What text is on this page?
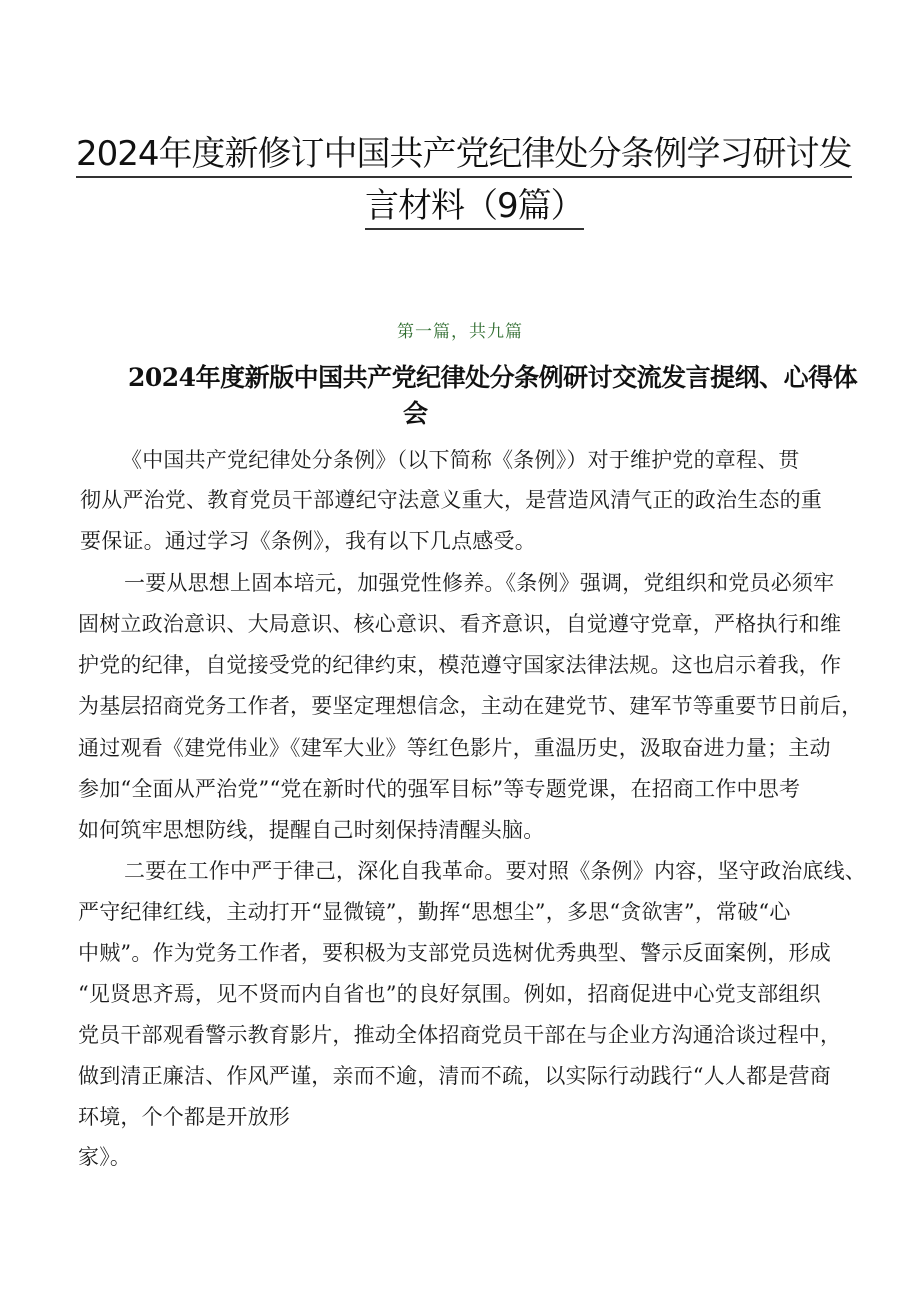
2024年度新修订中国共产党纪律处分条例学习研讨发
言材料（9篇）
第一篇，共九篇
2024年度新版中国共产党纪律处分条例研讨交流发言提纲、心得体
会
《中国共产党纪律处分条例》（以下简称《条例》）对于维护党的章程、贯
彻从严治党、教育党员干部遵纪守法意义重大，是营造风清气正的政治生态的重
要保证。通过学习《条例》，我有以下几点感受。
一要从思想上固本培元，加强党性修养。《条例》强调，党组织和党员必须牢
固树立政治意识、大局意识、核心意识、看齐意识，自觉遵守党章，严格执行和维
护党的纪律，自觉接受党的纪律约束，模范遵守国家法律法规。这也启示着我，作
为基层招商党务工作者，要坚定理想信念，主动在建党节、建军节等重要节日前后，
通过观看《建党伟业》《建军大业》等红色影片，重温历史，汲取奋进力量；主动
参加“全面从严治党”“党在新时代的强军目标”等专题党课，在招商工作中思考
如何筑牢思想防线，提醒自己时刻保持清醒头脑。
二要在工作中严于律己，深化自我革命。要对照《条例》内容，坚守政治底线、
严守纪律红线，主动打开“显微镜”，勤挥“思想尘”，多思“贪欲害”，常破“心
中贼”。作为党务工作者，要积极为支部党员选树优秀典型、警示反面案例，形成
“见贤思齐焉，见不贤而内自省也”的良好氛围。例如，招商促进中心党支部组织
党员干部观看警示教育影片，推动全体招商党员干部在与企业方沟通洽谈过程中，
做到清正廉洁、作风严谨，亲而不逾，清而不疏，以实际行动践行“人人都是营商
环境，个个都是开放形
家》。
